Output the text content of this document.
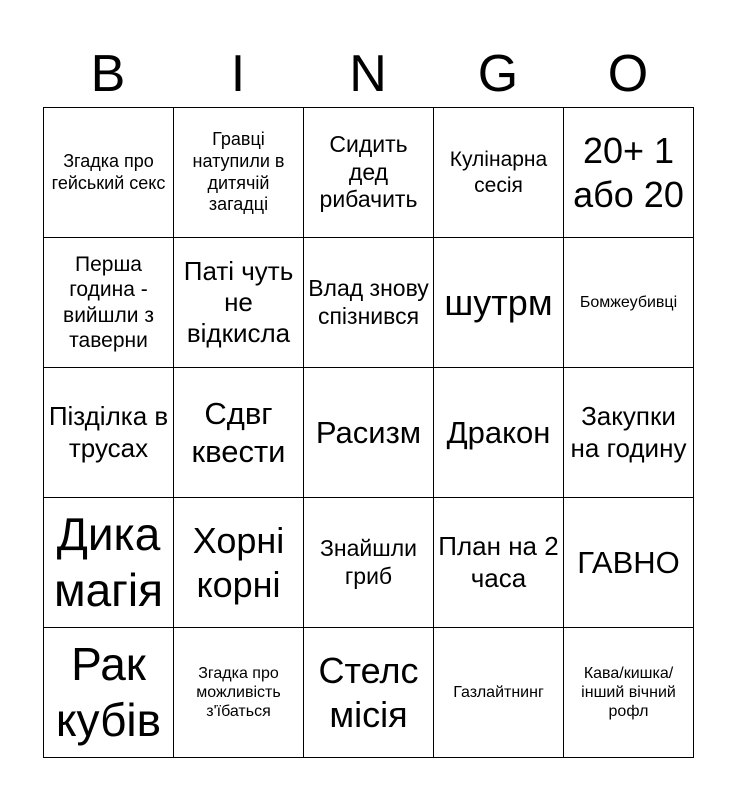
B	I	N	G	O
Згадка про гейський секс	Гравці натупили в дитячій загадці	Сидить дед рибачить	Кулінарна сесія	20+ 1 або 20
Перша година - вийшли з таверни	Паті чуть не відкисла	Влад знову спізнився	шутрм	Бомжеубивці
Пізділка в трусах	Сдвг квести	Расизм	Дракон	Закупки на годину
Дика магія	Хорні корні	Знайшли гриб	План на 2 часа	ГАВНО
Рак кубів	Згадка про можливість з'їбаться	Стелс місія	Газлайтнинг	Кава/кишка/інший вічний рофл
